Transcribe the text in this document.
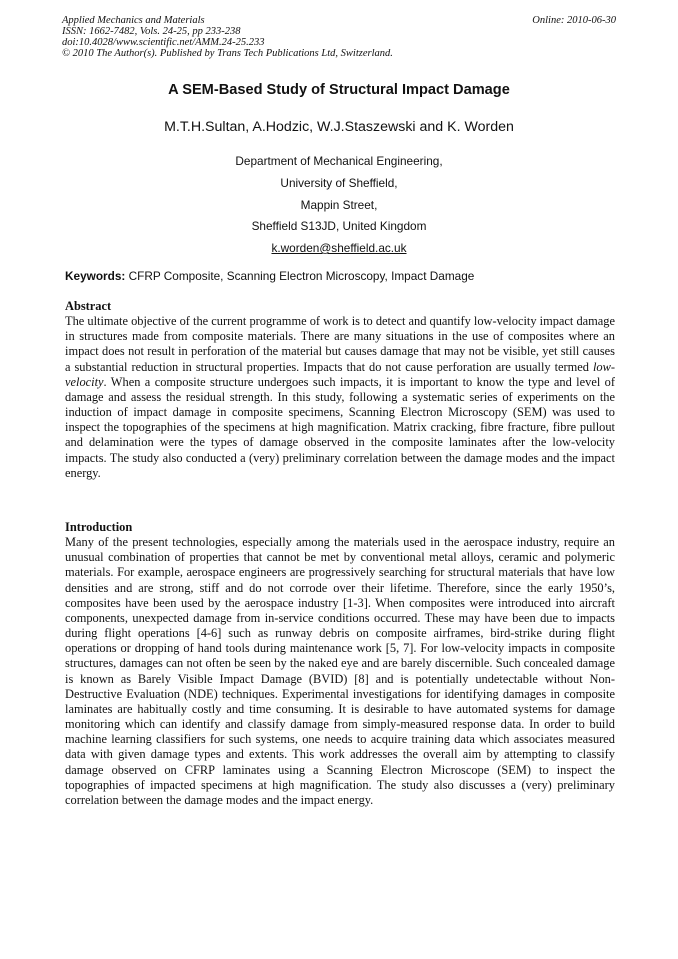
Applied Mechanics and Materials
ISSN: 1662-7482, Vols. 24-25, pp 233-238
doi:10.4028/www.scientific.net/AMM.24-25.233
© 2010 The Author(s). Published by Trans Tech Publications Ltd, Switzerland.
Online: 2010-06-30
A SEM-Based Study of Structural Impact Damage
M.T.H.Sultan, A.Hodzic, W.J.Staszewski and K. Worden
Department of Mechanical Engineering,
University of Sheffield,
Mappin Street,
Sheffield S13JD, United Kingdom
k.worden@sheffield.ac.uk
Keywords: CFRP Composite, Scanning Electron Microscopy, Impact Damage
Abstract

The ultimate objective of the current programme of work is to detect and quantify low-velocity impact damage in structures made from composite materials. There are many situations in the use of composites where an impact does not result in perforation of the material but causes damage that may not be visible, yet still causes a substantial reduction in structural properties. Impacts that do not cause perforation are usually termed low-velocity. When a composite structure undergoes such impacts, it is important to know the type and level of damage and assess the residual strength. In this study, following a systematic series of experiments on the induction of impact damage in composite specimens, Scanning Electron Microscopy (SEM) was used to inspect the topographies of the specimens at high magnification. Matrix cracking, fibre fracture, fibre pullout and delamination were the types of damage observed in the composite laminates after the low-velocity impacts. The study also conducted a (very) preliminary correlation between the damage modes and the impact energy.

Introduction

Many of the present technologies, especially among the materials used in the aerospace industry, require an unusual combination of properties that cannot be met by conventional metal alloys, ceramic and polymeric materials. For example, aerospace engineers are progressively searching for structural materials that have low densities and are strong, stiff and do not corrode over their lifetime. Therefore, since the early 1950’s, composites have been used by the aerospace industry [1-3]. When composites were introduced into aircraft components, unexpected damage from in-service conditions occurred. These may have been due to impacts during flight operations [4-6] such as runway debris on composite airframes, bird-strike during flight operations or dropping of hand tools during maintenance work [5, 7]. For low-velocity impacts in composite structures, damages can not often be seen by the naked eye and are barely discernible. Such concealed damage is known as Barely Visible Impact Damage (BVID) [8] and is potentially undetectable without Non-Destructive Evaluation (NDE) techniques. Experimental investigations for identifying damages in composite laminates are habitually costly and time consuming. It is desirable to have automated systems for damage monitoring which can identify and classify damage from simply-measured response data. In order to build machine learning classifiers for such systems, one needs to acquire training data which associates measured data with given damage types and extents. This work addresses the overall aim by attempting to classify damage observed on CFRP laminates using a Scanning Electron Microscope (SEM) to inspect the topographies of impacted specimens at high magnification. The study also discusses a (very) preliminary correlation between the damage modes and the impact energy.
